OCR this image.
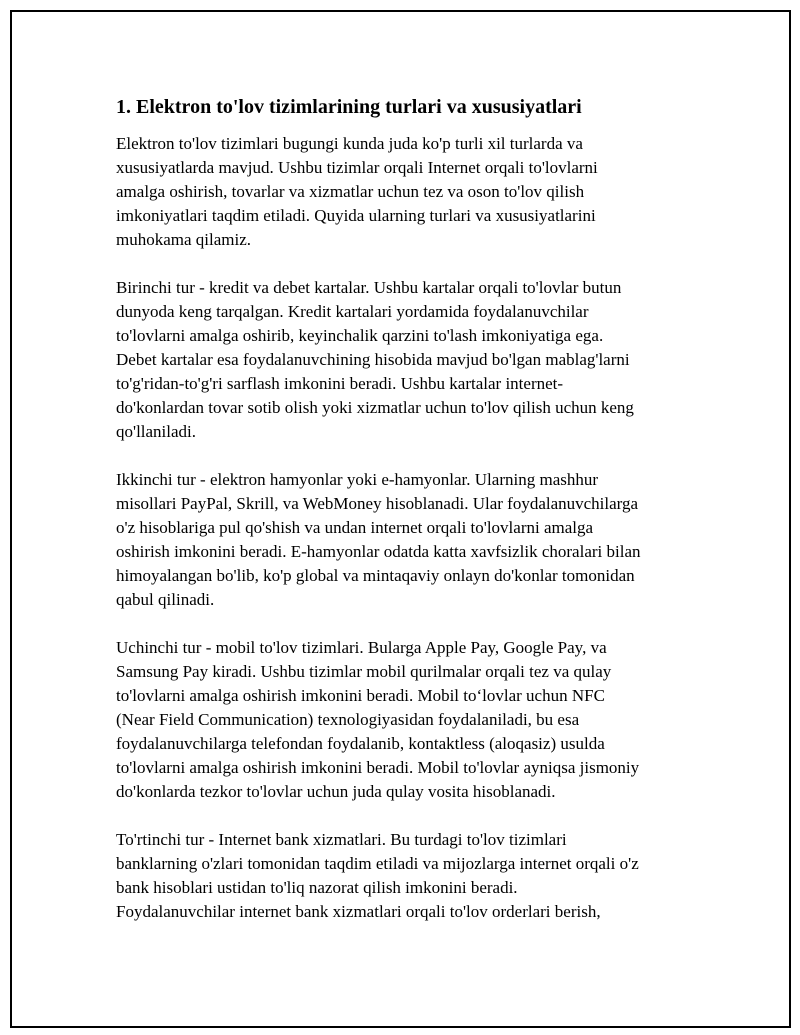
1. Elektron to'lov tizimlarining turlari va xususiyatlari

Elektron to'lov tizimlari bugungi kunda juda ko'p turli xil turlarda va
xususiyatlarda mavjud. Ushbu tizimlar orqali Internet orqali to'lovlarni
amalga oshirish, tovarlar va xizmatlar uchun tez va oson to'lov qilish
imkoniyatlari taqdim etiladi. Quyida ularning turlari va xususiyatlarini
muhokama qilamiz.

Birinchi tur - kredit va debet kartalar. Ushbu kartalar orqali to'lovlar butun
dunyoda keng tarqalgan. Kredit kartalari yordamida foydalanuvchilar
to'lovlarni amalga oshirib, keyinchalik qarzini to'lash imkoniyatiga ega.
Debet kartalar esa foydalanuvchining hisobida mavjud bo'lgan mablag'larni
to'g'ridan-to'g'ri sarflash imkonini beradi. Ushbu kartalar internet-
do'konlardan tovar sotib olish yoki xizmatlar uchun to'lov qilish uchun keng
qo'llaniladi.

Ikkinchi tur - elektron hamyonlar yoki e-hamyonlar. Ularning mashhur
misollari PayPal, Skrill, va WebMoney hisoblanadi. Ular foydalanuvchilarga
o'z hisoblariga pul qo'shish va undan internet orqali to'lovlarni amalga
oshirish imkonini beradi. E-hamyonlar odatda katta xavfsizlik choralari bilan
himoyalangan bo'lib, ko'p global va mintaqaviy onlayn do'konlar tomonidan
qabul qilinadi.

Uchinchi tur - mobil to'lov tizimlari. Bularga Apple Pay, Google Pay, va
Samsung Pay kiradi. Ushbu tizimlar mobil qurilmalar orqali tez va qulay
to'lovlarni amalga oshirish imkonini beradi. Mobil to‘lovlar uchun NFC
(Near Field Communication) texnologiyasidan foydalaniladi, bu esa
foydalanuvchilarga telefondan foydalanib, kontaktless (aloqasiz) usulda
to'lovlarni amalga oshirish imkonini beradi. Mobil to'lovlar ayniqsa jismoniy
do'konlarda tezkor to'lovlar uchun juda qulay vosita hisoblanadi.

To'rtinchi tur - Internet bank xizmatlari. Bu turdagi to'lov tizimlari
banklarning o'zlari tomonidan taqdim etiladi va mijozlarga internet orqali o'z
bank hisoblari ustidan to'liq nazorat qilish imkonini beradi.
Foydalanuvchilar internet bank xizmatlari orqali to'lov orderlari berish,
